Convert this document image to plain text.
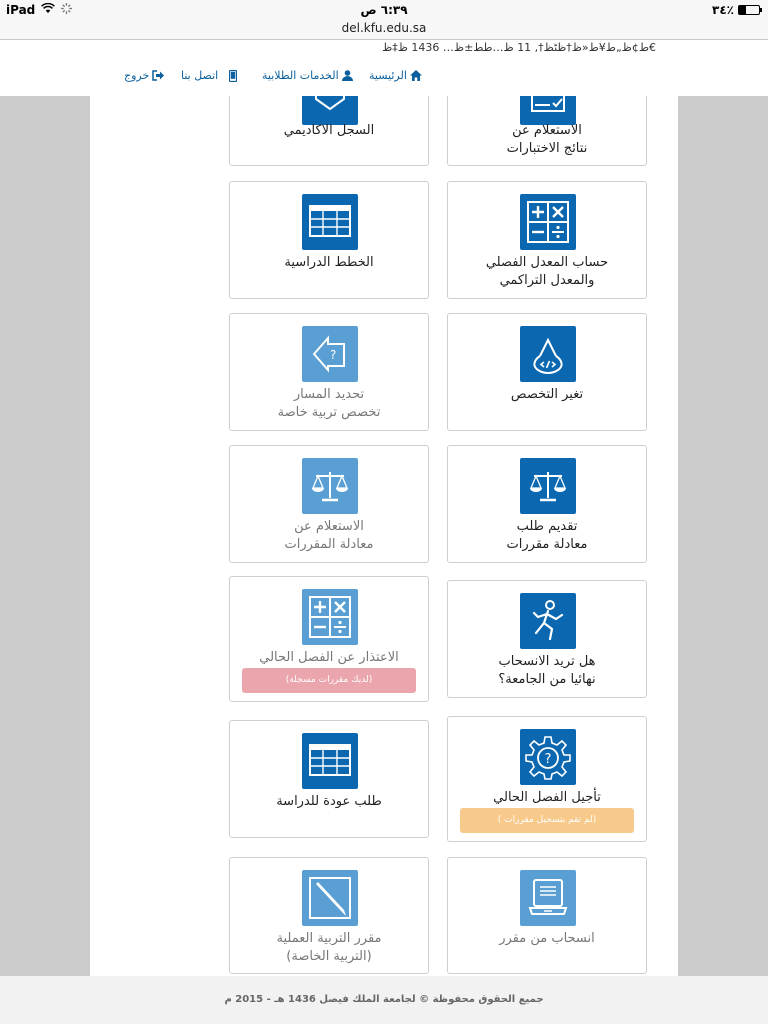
iPad	٦:٣٩ ص	٣٤٪
del.kfu.edu.sa
ط¢ظ„ط¥ط«ظ†ظٹظ†, 11 ظ…طط±ظ… 1436 ظ‡ظ€
الرئيسية
الخدمات الطلابية
اتصل بنا
خروج
الاستعلام عن
نتائج الاختبارات
السجل الاكاديمي
حساب المعدل الفصلي
والمعدل التراكمي
الخطط الدراسية
تغير التخصص
?
تحديد المسار
تخصص تربية خاصة
تقديم طلب
معادلة مقررات
الاستعلام عن
معادلة المقررات
هل تريد الانسحاب
نهائيا من الجامعة؟
الاعتذار عن الفصل الحالي
(لديك مقررات مسجلة)
?
تأجيل الفصل الحالي
(لم تقم بتسجيل مقررات )
طلب عودة للدراسة
انسحاب من مقرر
مقرر التربية العملية
(التربية الخاصة)
جميع الحقوق محفوظة © لجامعة الملك فيصل 1436 هـ - 2015 م
